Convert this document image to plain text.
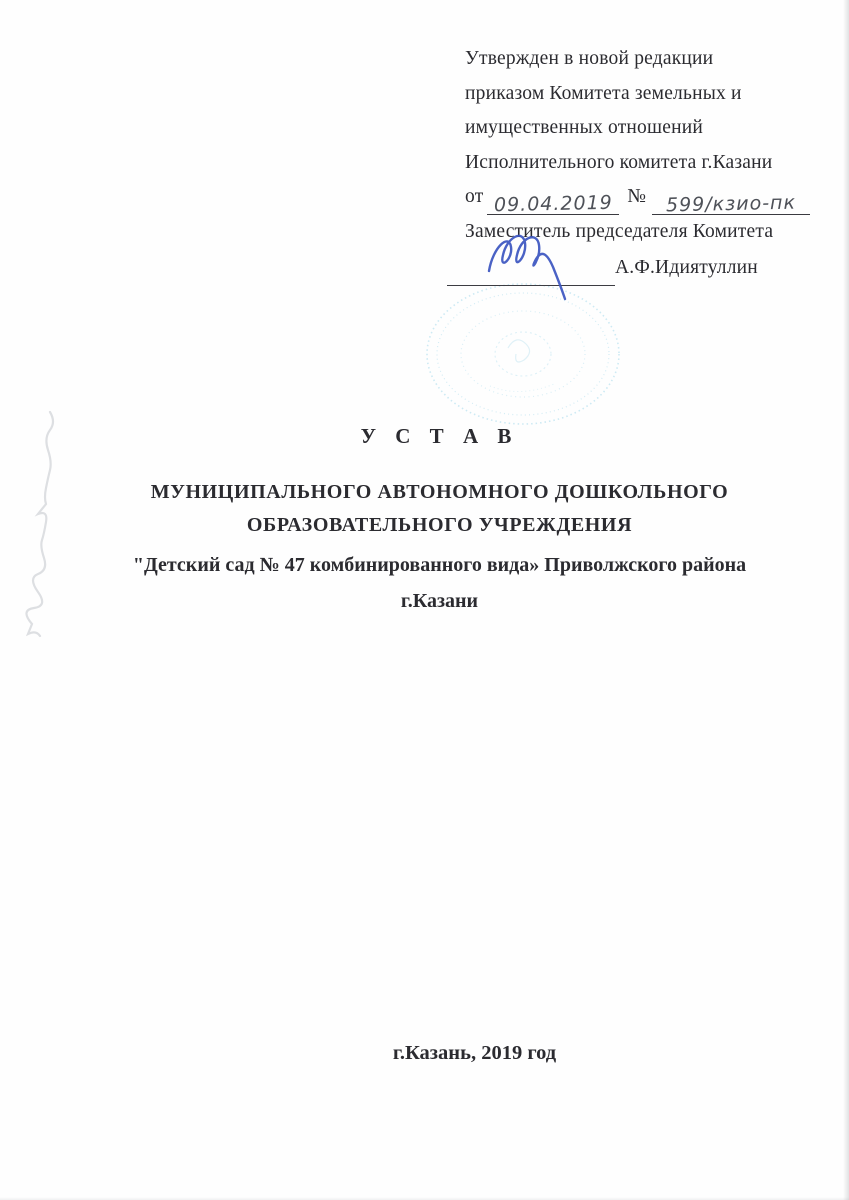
Утвержден в новой редакции
приказом Комитета земельных и
имущественных отношений
Исполнительного комитета г.Казани
от 09.04.2019 № 599/кзио-пк
Заместитель председателя Комитета
А.Ф.Идиятуллин
У С Т А В
МУНИЦИПАЛЬНОГО АВТОНОМНОГО ДОШКОЛЬНОГО
ОБРАЗОВАТЕЛЬНОГО УЧРЕЖДЕНИЯ
"Детский сад № 47 комбинированного вида» Приволжского района
г.Казани
г.Казань, 2019 год
